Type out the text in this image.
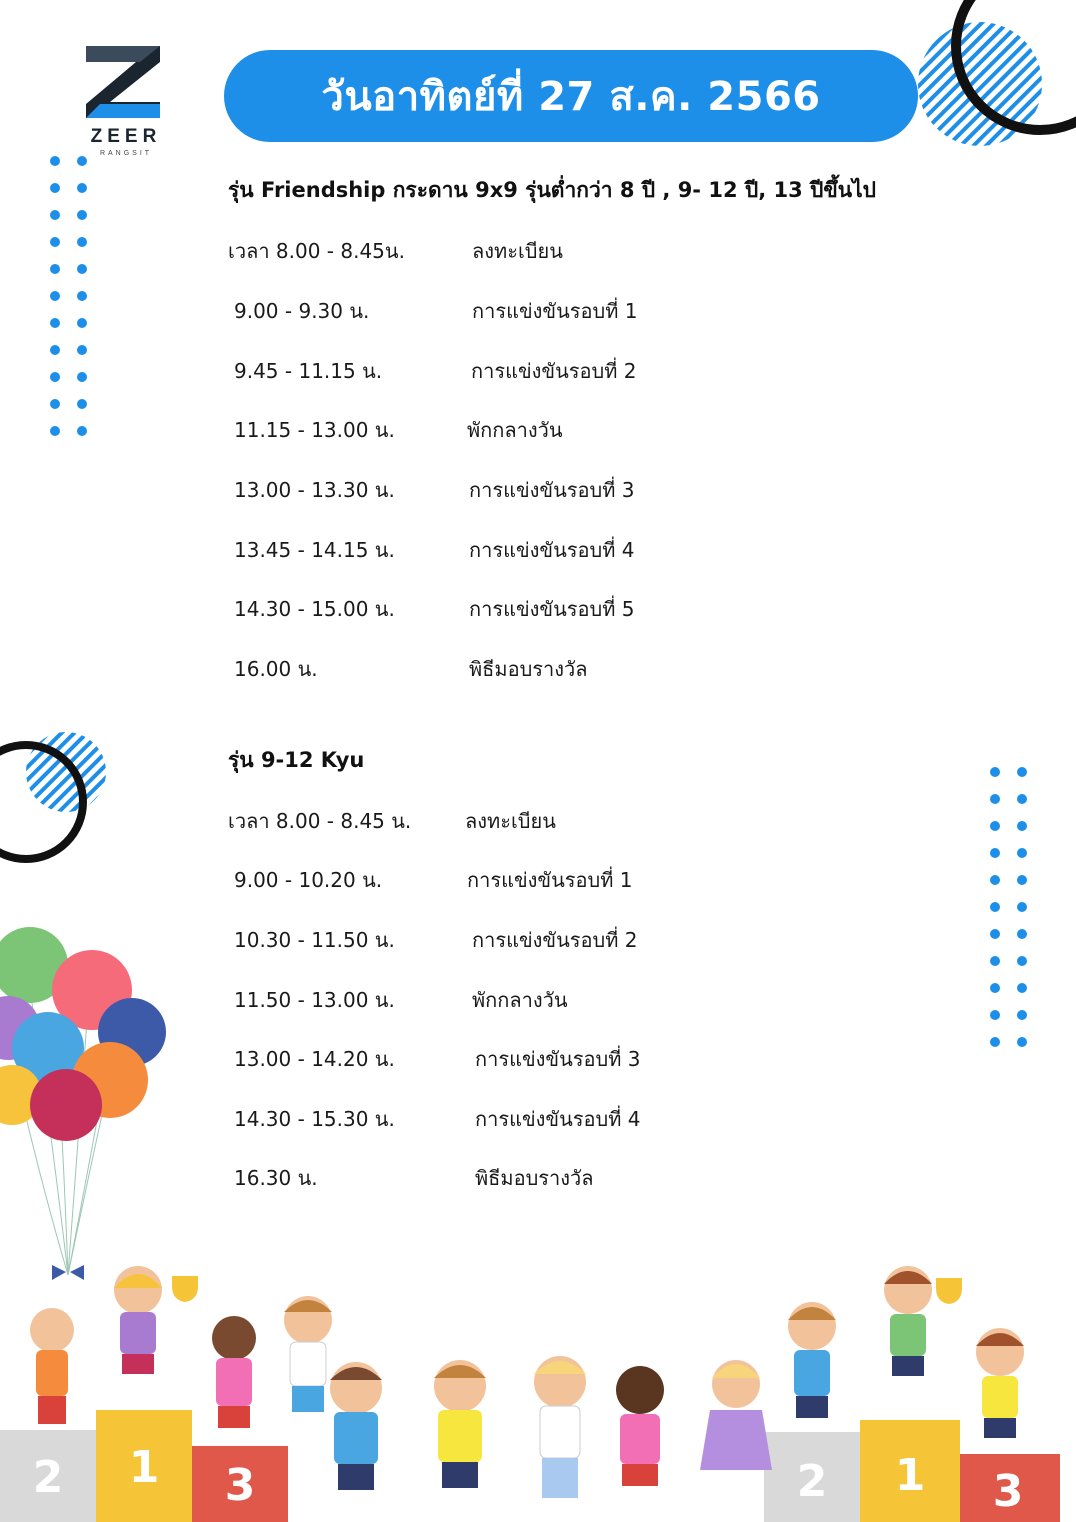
ZEER
RANGSIT
วันอาทิตย์ที่ 27 ส.ค. 2566
รุ่น Friendship กระดาน 9x9 รุ่นต่ำกว่า 8 ปี , 9- 12 ปี, 13 ปีขึ้นไป
เวลา 8.00 - 8.45น.	ลงทะเบียน
9.00 - 9.30 น.	การแข่งขันรอบที่ 1
9.45 - 11.15 น.	การแข่งขันรอบที่ 2
11.15 - 13.00 น.	พักกลางวัน
13.00 - 13.30 น.	การแข่งขันรอบที่ 3
13.45 - 14.15 น.	การแข่งขันรอบที่ 4
14.30 - 15.00 น.	การแข่งขันรอบที่ 5
16.00 น.	พิธีมอบรางวัล
รุ่น 9-12 Kyu
เวลา 8.00 - 8.45 น.	ลงทะเบียน
9.00 - 10.20 น.	การแข่งขันรอบที่ 1
10.30 - 11.50 น.	การแข่งขันรอบที่ 2
11.50 - 13.00 น.	พักกลางวัน
13.00 - 14.20 น.	การแข่งขันรอบที่ 3
14.30 - 15.30 น.	การแข่งขันรอบที่ 4
16.30 น.	พิธีมอบรางวัล
2 1 3	2 1 3
